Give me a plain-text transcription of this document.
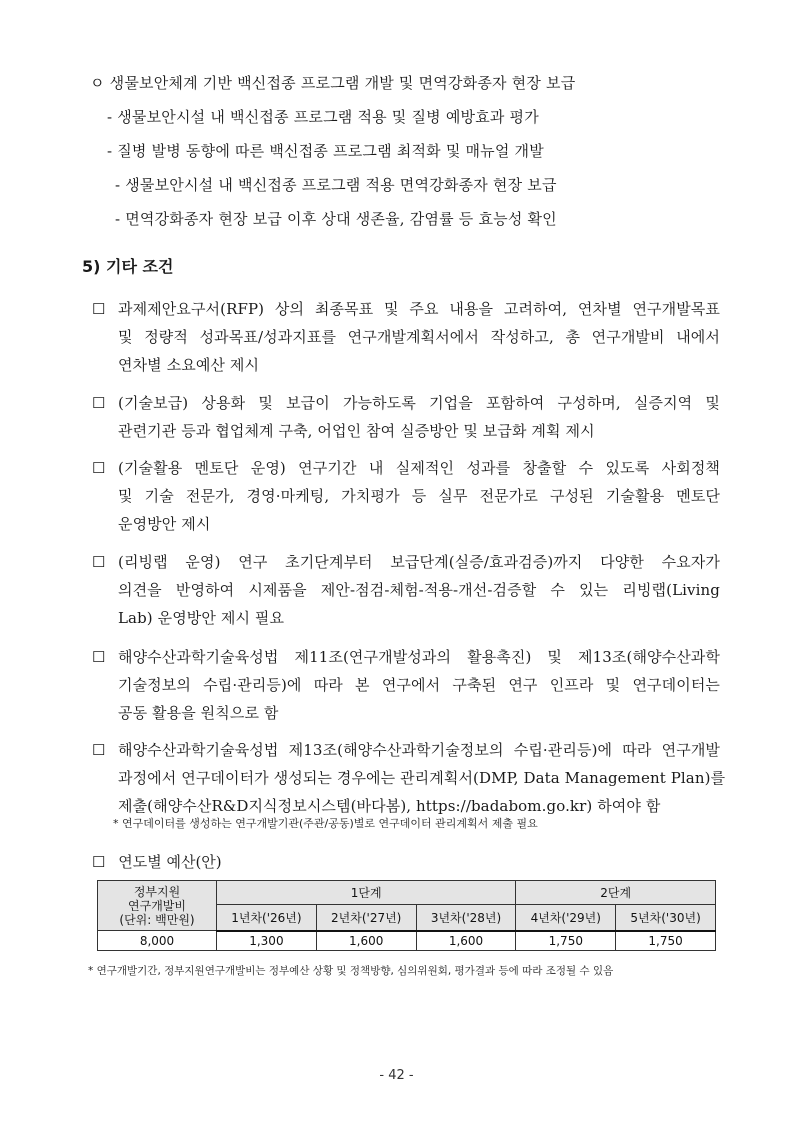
ㅇ 생물보안체계 기반 백신접종 프로그램 개발 및 면역강화종자 현장 보급
- 생물보안시설 내 백신접종 프로그램 적용 및 질병 예방효과 평가
- 질병 발병 동향에 따른 백신접종 프로그램 최적화 및 매뉴얼 개발
- 생물보안시설 내 백신접종 프로그램 적용 면역강화종자 현장 보급
- 면역강화종자 현장 보급 이후 상대 생존율, 감염률 등 효능성 확인
5) 기타 조건
☐ 과제제안요구서(RFP) 상의 최종목표 및 주요 내용을 고려하여, 연차별 연구개발목표
및 정량적 성과목표/성과지표를 연구개발계획서에서 작성하고, 총 연구개발비 내에서
연차별 소요예산 제시
☐ (기술보급) 상용화 및 보급이 가능하도록 기업을 포함하여 구성하며, 실증지역 및
관련기관 등과 협업체계 구축, 어업인 참여 실증방안 및 보급화 계획 제시
☐ (기술활용 멘토단 운영) 연구기간 내 실제적인 성과를 창출할 수 있도록 사회정책
및 기술 전문가, 경영·마케팅, 가치평가 등 실무 전문가로 구성된 기술활용 멘토단
운영방안 제시
☐ (리빙랩 운영) 연구 초기단계부터 보급단계(실증/효과검증)까지 다양한 수요자가
의견을 반영하여 시제품을 제안-점검-체험-적용-개선-검증할 수 있는 리빙랩(Living
Lab) 운영방안 제시 필요
☐ 해양수산과학기술육성법 제11조(연구개발성과의 활용촉진) 및 제13조(해양수산과학
기술정보의 수립·관리등)에 따라 본 연구에서 구축된 연구 인프라 및 연구데이터는
공동 활용을 원칙으로 함
☐ 해양수산과학기술육성법 제13조(해양수산과학기술정보의 수립·관리등)에 따라 연구개발
과정에서 연구데이터가 생성되는 경우에는 관리계획서(DMP, Data Management Plan)를
제출(해양수산R&D지식정보시스템(바다봄), https://badabom.go.kr) 하여야 함
* 연구데이터를 생성하는 연구개발기관(주관/공동)별로 연구데이터 관리계획서 제출 필요
☐ 연도별 예산(안)
정부지원
연구개발비
(단위: 백만원)	1단계			2단계	
	1년차('26년)	2년차('27년)	3년차('28년)	4년차('29년)	5년차('30년)
8,000	1,300	1,600	1,600	1,750	1,750
* 연구개발기간, 정부지원연구개발비는 정부예산 상황 및 정책방향, 심의위원회, 평가결과 등에 따라 조정될 수 있음
- 42 -
